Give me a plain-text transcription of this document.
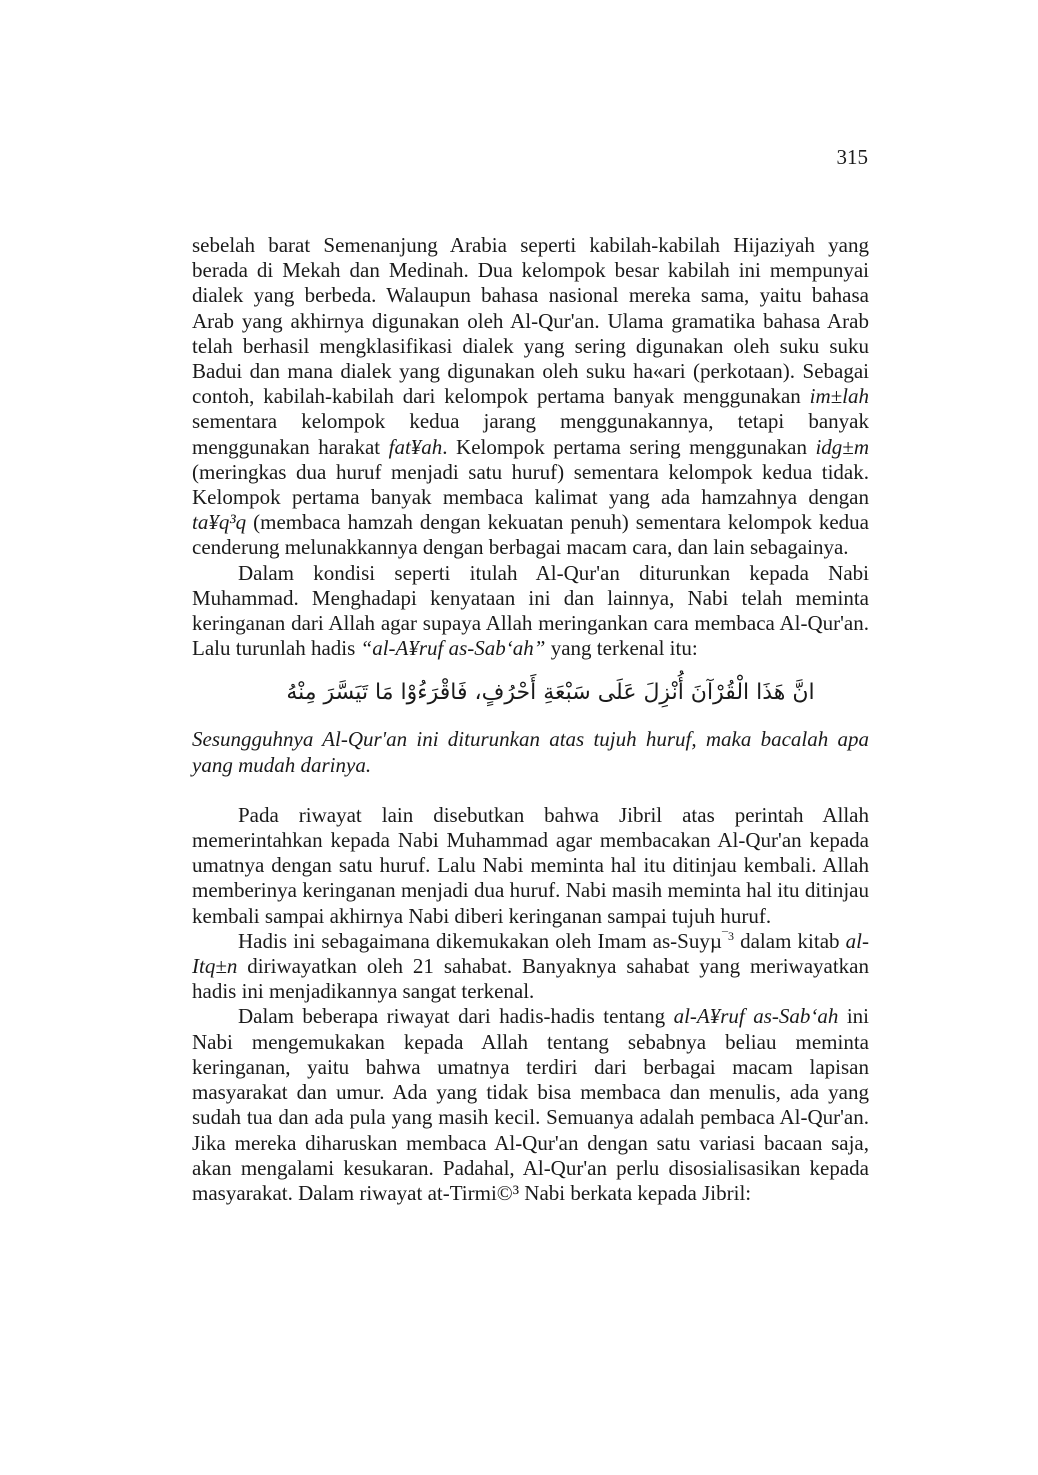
315

sebelah barat Semenanjung Arabia seperti kabilah-kabilah Hijaziyah yang berada di Mekah dan Medinah. Dua kelompok besar kabilah ini mempunyai dialek yang berbeda. Walaupun bahasa nasional mereka sama, yaitu bahasa Arab yang akhirnya digunakan oleh Al-Qur'an. Ulama gramatika bahasa Arab telah berhasil mengklasifikasi dialek yang sering digunakan oleh suku suku Badui dan mana dialek yang digunakan oleh suku ha«ari (perkotaan). Sebagai contoh, kabilah-kabilah dari kelompok pertama banyak menggunakan im±lah sementara kelompok kedua jarang menggunakannya, tetapi banyak menggunakan harakat fat¥ah. Kelompok pertama sering menggunakan idg±m (meringkas dua huruf menjadi satu huruf) sementara kelompok kedua tidak. Kelompok pertama banyak membaca kalimat yang ada hamzahnya dengan ta¥q³q (membaca hamzah dengan kekuatan penuh) sementara kelompok kedua cenderung melunakkannya dengan berbagai macam cara, dan lain sebagainya.

Dalam kondisi seperti itulah Al-Qur'an diturunkan kepada Nabi Muhammad. Menghadapi kenyataan ini dan lainnya, Nabi telah meminta keringanan dari Allah agar supaya Allah meringankan cara membaca Al-Qur'an. Lalu turunlah hadis “al-A¥ruf as-Sab‘ah” yang terkenal itu:

انَّ هَذَا الْقُرْآنَ أُنْزِلَ عَلَى سَبْعَةِ أَحْرُفٍ، فَاقْرَءُوْا مَا تَيَسَّرَ مِنْهُ

Sesungguhnya Al-Qur'an ini diturunkan atas tujuh huruf, maka bacalah apa yang mudah darinya.

Pada riwayat lain disebutkan bahwa Jibril atas perintah Allah memerintahkan kepada Nabi Muhammad agar membacakan Al-Qur'an kepada umatnya dengan satu huruf. Lalu Nabi meminta hal itu ditinjau kembali. Allah memberinya keringanan menjadi dua huruf. Nabi masih meminta hal itu ditinjau kembali sampai akhirnya Nabi diberi keringanan sampai tujuh huruf.

Hadis ini sebagaimana dikemukakan oleh Imam as-Suyµ$^{¯3}$ dalam kitab al-Itq±n diriwayatkan oleh 21 sahabat. Banyaknya sahabat yang meriwayatkan hadis ini menjadikannya sangat terkenal.

Dalam beberapa riwayat dari hadis-hadis tentang al-A¥ruf as-Sab‘ah ini Nabi mengemukakan kepada Allah tentang sebabnya beliau meminta keringanan, yaitu bahwa umatnya terdiri dari berbagai macam lapisan masyarakat dan umur. Ada yang tidak bisa membaca dan menulis, ada yang sudah tua dan ada pula yang masih kecil. Semuanya adalah pembaca Al-Qur'an. Jika mereka diharuskan membaca Al-Qur'an dengan satu variasi bacaan saja, akan mengalami kesukaran. Padahal, Al-Qur'an perlu disosialisasikan kepada masyarakat. Dalam riwayat at-Tirmi©³ Nabi berkata kepada Jibril:
